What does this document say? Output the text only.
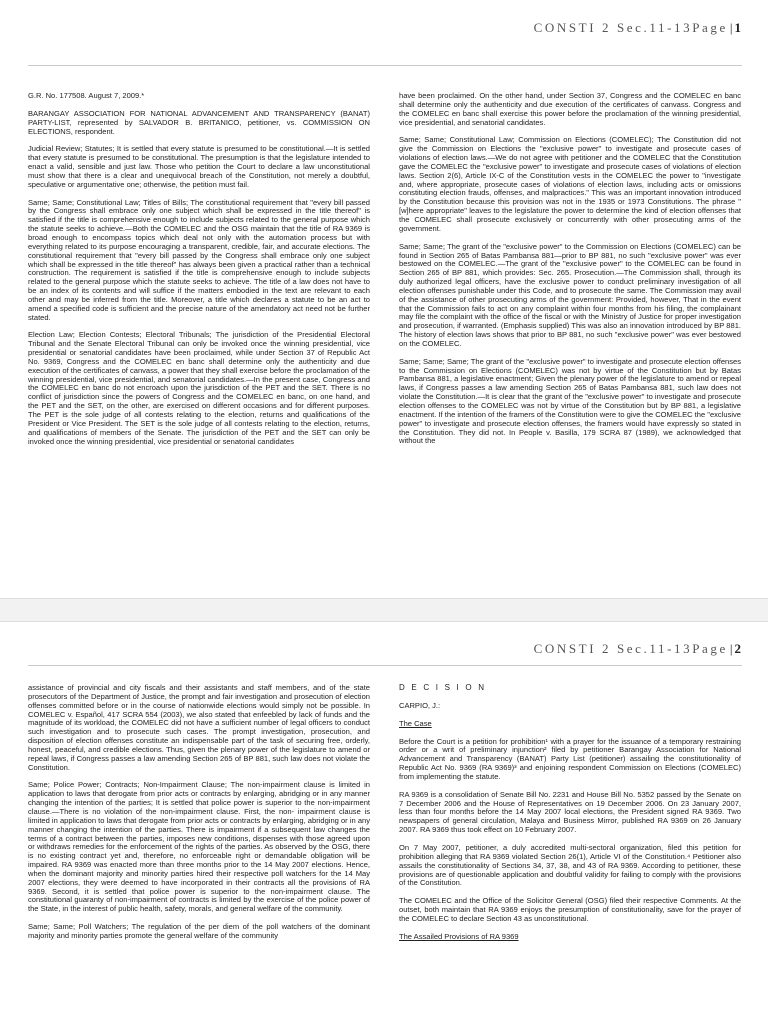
CONSTI 2 Sec.11-13Page | 1

G.R. No. 177508. August 7, 2009.*

BARANGAY ASSOCIATION FOR NATIONAL ADVANCEMENT AND TRANSPARENCY (BANAT) PARTY-LIST, represented by SALVADOR B. BRITANICO, petitioner, vs. COMMISSION ON ELECTIONS, respondent.

Judicial Review; Statutes; It is settled that every statute is presumed to be constitutional.—It is settled that every statute is presumed to be constitutional. The presumption is that the legislature intended to enact a valid, sensible and just law. Those who petition the Court to declare a law unconstitutional must show that there is a clear and unequivocal breach of the Constitution, not merely a doubtful, speculative or argumentative one; otherwise, the petition must fail.

Same; Same; Constitutional Law; Titles of Bills; The constitutional requirement that "every bill passed by the Congress shall embrace only one subject which shall be expressed in the title thereof" is satisfied if the title is comprehensive enough to include subjects related to the general purpose which the statute seeks to achieve.—Both the COMELEC and the OSG maintain that the title of RA 9369 is broad enough to encompass topics which deal not only with the automation process but with everything related to its purpose encouraging a transparent, credible, fair, and accurate elections. The constitutional requirement that "every bill passed by the Congress shall embrace only one subject which shall be expressed in the title thereof" has always been given a practical rather than a technical construction. The requirement is satisfied if the title is comprehensive enough to include subjects related to the general purpose which the statute seeks to achieve. The title of a law does not have to be an index of its contents and will suffice if the matters embodied in the text are relevant to each other and may be inferred from the title. Moreover, a title which declares a statute to be an act to amend a specified code is sufficient and the precise nature of the amendatory act need not be further stated.

Election Law; Election Contests; Electoral Tribunals; The jurisdiction of the Presidential Electoral Tribunal and the Senate Electoral Tribunal can only be invoked once the winning presidential, vice presidential or senatorial candidates have been proclaimed, while under Section 37 of Republic Act No. 9369, Congress and the COMELEC en banc shall determine only the authenticity and due execution of the certificates of canvass, a power that they shall exercise before the proclamation of the winning presidential, vice presidential, and senatorial candidates.—In the present case, Congress and the COMELEC en banc do not encroach upon the jurisdiction of the PET and the SET. There is no conflict of jurisdiction since the powers of Congress and the COMELEC en banc, on one hand, and the PET and the SET, on the other, are exercised on different occasions and for different purposes. The PET is the sole judge of all contests relating to the election, returns and qualifications of the President or Vice President. The SET is the sole judge of all contests relating to the election, returns, and qualifications of members of the Senate. The jurisdiction of the PET and the SET can only be invoked once the winning presidential, vice presidential or senatorial candidates

have been proclaimed. On the other hand, under Section 37, Congress and the COMELEC en banc shall determine only the authenticity and due execution of the certificates of canvass. Congress and the COMELEC en banc shall exercise this power before the proclamation of the winning presidential, vice presidential, and senatorial candidates.

Same; Same; Constitutional Law; Commission on Elections (COMELEC); The Constitution did not give the Commission on Elections the "exclusive power" to investigate and prosecute cases of violations of election laws.—We do not agree with petitioner and the COMELEC that the Constitution gave the COMELEC the "exclusive power" to investigate and prosecute cases of violations of election laws. Section 2(6), Article IX-C of the Constitution vests in the COMELEC the power to "investigate and, where appropriate, prosecute cases of violations of election laws, including acts or omissions constituting election frauds, offenses, and malpractices." This was an important innovation introduced by the Constitution because this provision was not in the 1935 or 1973 Constitutions. The phrase "[w]here appropriate" leaves to the legislature the power to determine the kind of election offenses that the COMELEC shall prosecute exclusively or concurrently with other prosecuting arms of the government.

Same; Same; The grant of the "exclusive power" to the Commission on Elections (COMELEC) can be found in Section 265 of Batas Pambansa 881—prior to BP 881, no such "exclusive power" was ever bestowed on the COMELEC.—The grant of the "exclusive power" to the COMELEC can be found in Section 265 of BP 881, which provides: Sec. 265. Prosecution.—The Commission shall, through its duly authorized legal officers, have the exclusive power to conduct preliminary investigation of all election offenses punishable under this Code, and to prosecute the same. The Commission may avail of the assistance of other prosecuting arms of the government: Provided, however, That in the event that the Commission fails to act on any complaint within four months from his filing, the complainant may file the complaint with the office of the fiscal or with the Ministry of Justice for proper investigation and prosecution, if warranted. (Emphasis supplied) This was also an innovation introduced by BP 881. The history of election laws shows that prior to BP 881, no such "exclusive power" was ever bestowed on the COMELEC.

Same; Same; Same; The grant of the "exclusive power" to investigate and prosecute election offenses to the Commission on Elections (COMELEC) was not by virtue of the Constitution but by Batas Pambansa 881, a legislative enactment; Given the plenary power of the legislature to amend or repeal laws, if Congress passes a law amending Section 265 of Batas Pambansa 881, such law does not violate the Constitution.—It is clear that the grant of the "exclusive power" to investigate and prosecute election offenses to the COMELEC was not by virtue of the Constitution but by BP 881, a legislative enactment. If the intention of the framers of the Constitution were to give the COMELEC the "exclusive power" to investigate and prosecute election offenses, the framers would have expressly so stated in the Constitution. They did not. In People v. Basilla, 179 SCRA 87 (1989), we acknowledged that without the

CONSTI 2 Sec.11-13Page | 2

assistance of provincial and city fiscals and their assistants and staff members, and of the state prosecutors of the Department of Justice, the prompt and fair investigation and prosecution of election offenses committed before or in the course of nationwide elections would simply not be possible. In COMELEC v. Español, 417 SCRA 554 (2003), we also stated that enfeebled by lack of funds and the magnitude of its workload, the COMELEC did not have a sufficient number of legal officers to conduct such investigation and to prosecute such cases. The prompt investigation, prosecution, and disposition of election offenses constitute an indispensable part of the task of securing free, orderly, honest, peaceful, and credible elections. Thus, given the plenary power of the legislature to amend or repeal laws, if Congress passes a law amending Section 265 of BP 881, such law does not violate the Constitution.

Same; Police Power; Contracts; Non-Impairment Clause; The non-impairment clause is limited in application to laws that derogate from prior acts or contracts by enlarging, abridging or in any manner changing the intention of the parties; It is settled that police power is superior to the non-impairment clause.—There is no violation of the non-impairment clause. First, the non- impairment clause is limited in application to laws that derogate from prior acts or contracts by enlarging, abridging or in any manner changing the intention of the parties. There is impairment if a subsequent law changes the terms of a contract between the parties, imposes new conditions, dispenses with those agreed upon or withdraws remedies for the enforcement of the rights of the parties. As observed by the OSG, there is no existing contract yet and, therefore, no enforceable right or demandable obligation will be impaired. RA 9369 was enacted more than three months prior to the 14 May 2007 elections. Hence, when the dominant majority and minority parties hired their respective poll watchers for the 14 May 2007 elections, they were deemed to have incorporated in their contracts all the provisions of RA 9369. Second, it is settled that police power is superior to the non-impairment clause. The constitutional guaranty of non-impairment of contracts is limited by the exercise of the police power of the State, in the interest of public health, safety, morals, and general welfare of the community.

Same; Same; Poll Watchers; The regulation of the per diem of the poll watchers of the dominant majority and minority parties promote the general welfare of the community

D E C I S I O N

CARPIO, J.:

The Case

Before the Court is a petition for prohibition¹ with a prayer for the issuance of a temporary restraining order or a writ of preliminary injunction² filed by petitioner Barangay Association for National Advancement and Transparency (BANAT) Party List (petitioner) assailing the constitutionality of Republic Act No. 9369 (RA 9369)³ and enjoining respondent Commission on Elections (COMELEC) from implementing the statute.

RA 9369 is a consolidation of Senate Bill No. 2231 and House Bill No. 5352 passed by the Senate on 7 December 2006 and the House of Representatives on 19 December 2006. On 23 January 2007, less than four months before the 14 May 2007 local elections, the President signed RA 9369. Two newspapers of general circulation, Malaya and Business Mirror, published RA 9369 on 26 January 2007. RA 9369 thus took effect on 10 February 2007.

On 7 May 2007, petitioner, a duly accredited multi-sectoral organization, filed this petition for prohibition alleging that RA 9369 violated Section 26(1), Article VI of the Constitution.⁴ Petitioner also assails the constitutionality of Sections 34, 37, 38, and 43 of RA 9369. According to petitioner, these provisions are of questionable application and doubtful validity for failing to comply with the provisions of the Constitution.

The COMELEC and the Office of the Solicitor General (OSG) filed their respective Comments. At the outset, both maintain that RA 9369 enjoys the presumption of constitutionality, save for the prayer of the COMELEC to declare Section 43 as unconstitutional.

The Assailed Provisions of RA 9369
